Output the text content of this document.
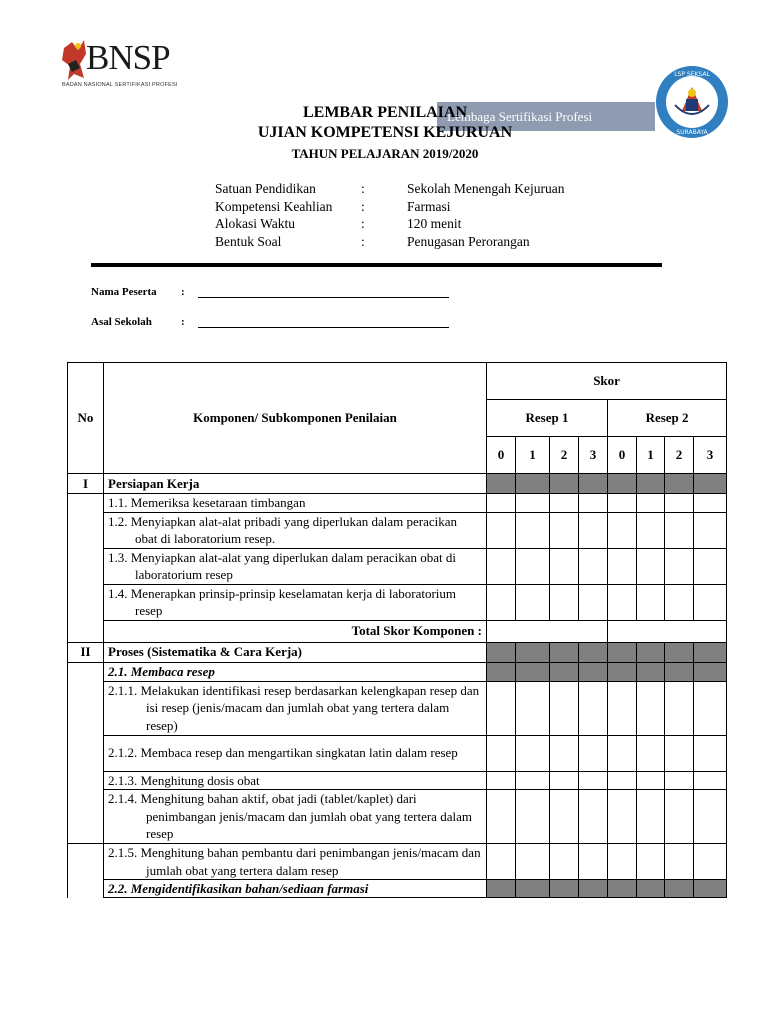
BNSP
BADAN NASIONAL SERTIFIKASI PROFESI
Lembaga Sertifikasi Profesi
LSP SEKSAL
SURABAYA
LEMBAR PENILAIAN
UJIAN KOMPETENSI KEJURUAN
TAHUN PELAJARAN 2019/2020
Satuan Pendidikan	:	Sekolah Menengah Kejuruan
Kompetensi Keahlian	:	Farmasi
Alokasi Waktu	:	120 menit
Bentuk Soal	:	Penugasan Perorangan
Nama Peserta	:
Asal Sekolah	:
No	Komponen/ Subkomponen Penilaian	Skor							
		Resep 1				Resep 2			
		0	1	2	3	0	1	2	3
I	Persiapan Kerja								
	1.1. Memeriksa kesetaraan timbangan								
	1.2. Menyiapkan alat-alat pribadi yang diperlukan dalam peracikan obat di laboratorium resep.								
	1.3. Menyiapkan alat-alat yang diperlukan dalam peracikan obat di laboratorium resep								
	1.4. Menerapkan prinsip-prinsip keselamatan kerja di laboratorium resep								
	Total Skor Komponen :								
II	Proses (Sistematika & Cara Kerja)								
	2.1. Membaca resep								
	2.1.1. Melakukan identifikasi resep berdasarkan kelengkapan resep dan isi resep (jenis/macam dan jumlah obat yang tertera dalam resep)								
	2.1.2. Membaca resep dan mengartikan singkatan latin dalam resep								
	2.1.3. Menghitung dosis obat								
	2.1.4. Menghitung bahan aktif, obat jadi (tablet/kaplet) dari penimbangan jenis/macam dan jumlah obat yang tertera dalam resep								
	2.1.5. Menghitung bahan pembantu dari penimbangan jenis/macam dan jumlah obat yang tertera dalam resep								
	2.2. Mengidentifikasikan bahan/sediaan farmasi								
